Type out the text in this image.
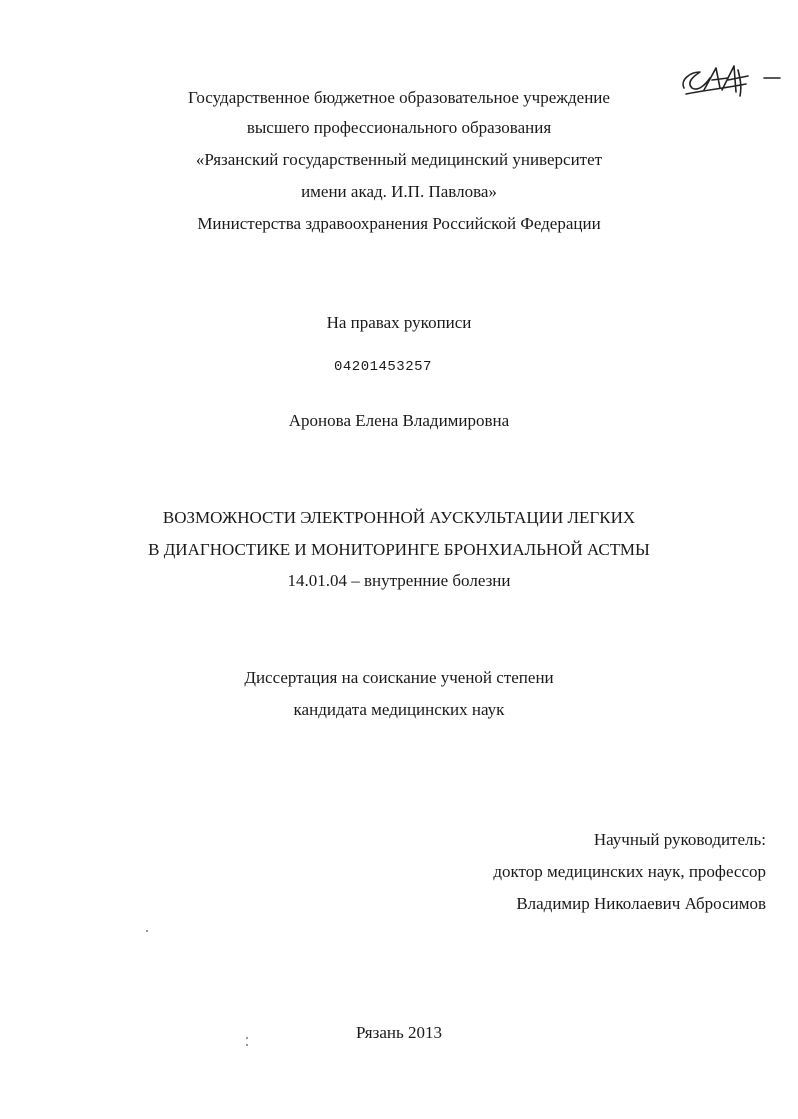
Государственное бюджетное образовательное учреждение
высшего профессионального образования
«Рязанский государственный медицинский университет
имени акад. И.П. Павлова»
Министерства здравоохранения Российской Федерации
На правах рукописи
04201453257
Аронова Елена Владимировна
ВОЗМОЖНОСТИ ЭЛЕКТРОННОЙ АУСКУЛЬТАЦИИ ЛЕГКИХ
В ДИАГНОСТИКЕ И МОНИТОРИНГЕ БРОНХИАЛЬНОЙ АСТМЫ
14.01.04 – внутренние болезни
Диссертация на соискание ученой степени
кандидата медицинских наук
Научный руководитель:
доктор медицинских наук, профессор
Владимир Николаевич Абросимов
Рязань 2013
